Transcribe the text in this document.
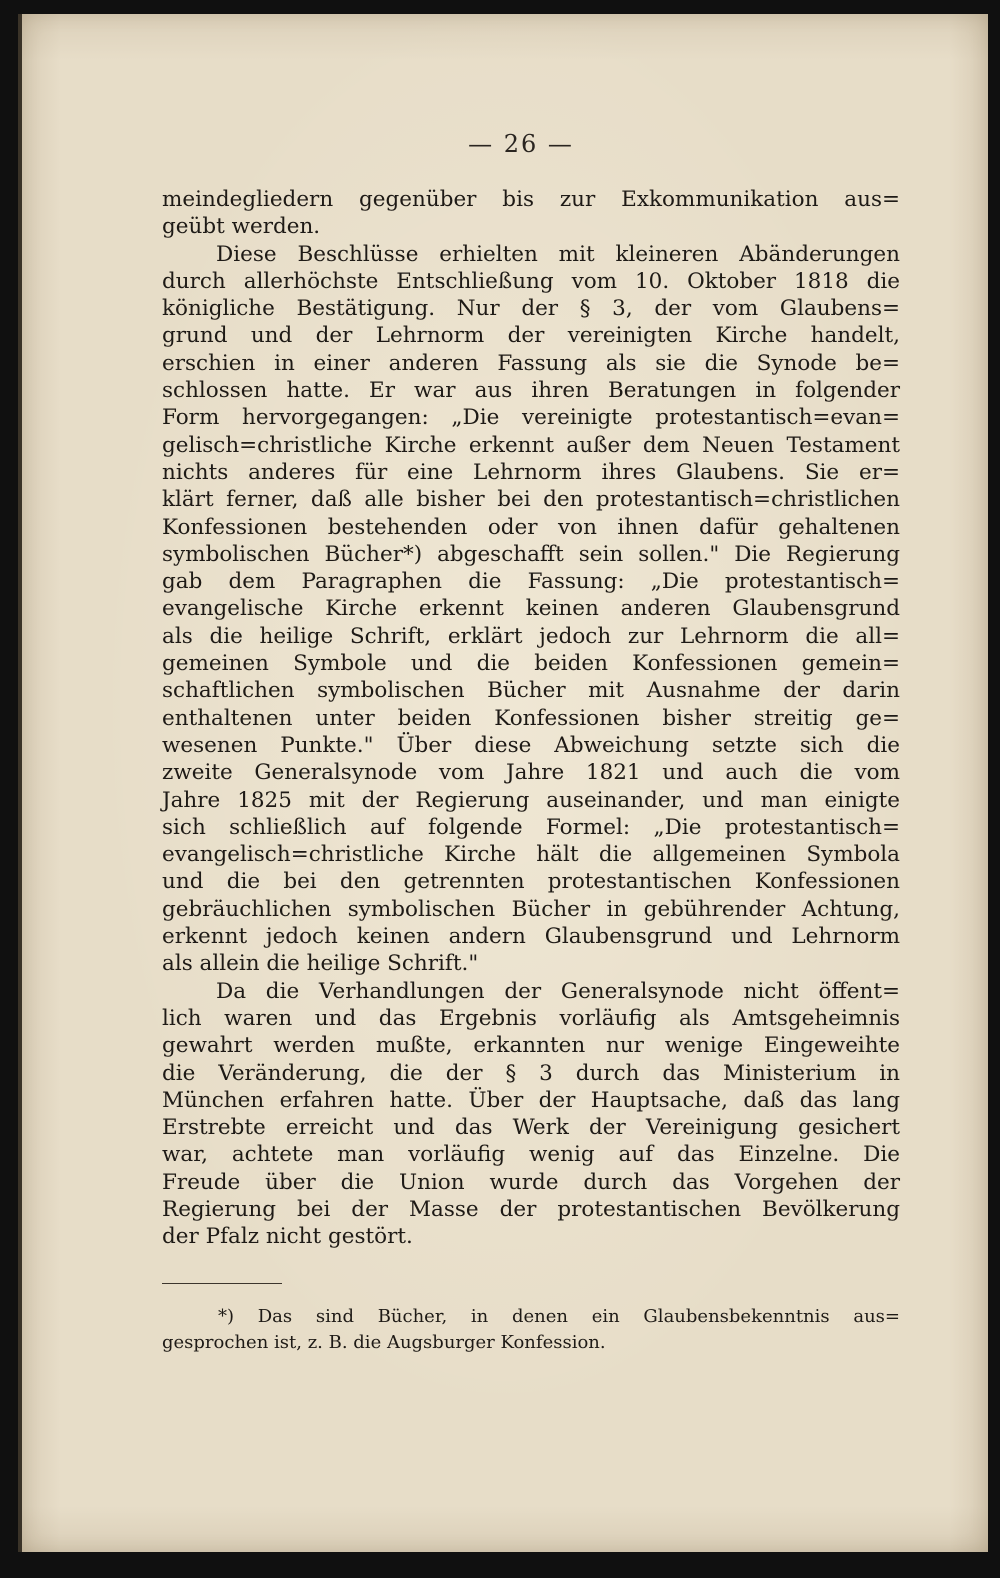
— 26 —
meindegliedern gegenüber bis zur Exkommunikation aus=
geübt werden.
Diese Beschlüsse erhielten mit kleineren Abänderungen
durch allerhöchste Entschließung vom 10. Oktober 1818 die
königliche Bestätigung. Nur der § 3, der vom Glaubens=
grund und der Lehrnorm der vereinigten Kirche handelt,
erschien in einer anderen Fassung als sie die Synode be=
schlossen hatte. Er war aus ihren Beratungen in folgender
Form hervorgegangen: „Die vereinigte protestantisch=evan=
gelisch=christliche Kirche erkennt außer dem Neuen Testament
nichts anderes für eine Lehrnorm ihres Glaubens. Sie er=
klärt ferner, daß alle bisher bei den protestantisch=christlichen
Konfessionen bestehenden oder von ihnen dafür gehaltenen
symbolischen Bücher*) abgeschafft sein sollen." Die Regierung
gab dem Paragraphen die Fassung: „Die protestantisch=
evangelische Kirche erkennt keinen anderen Glaubensgrund
als die heilige Schrift, erklärt jedoch zur Lehrnorm die all=
gemeinen Symbole und die beiden Konfessionen gemein=
schaftlichen symbolischen Bücher mit Ausnahme der darin
enthaltenen unter beiden Konfessionen bisher streitig ge=
wesenen Punkte." Über diese Abweichung setzte sich die
zweite Generalsynode vom Jahre 1821 und auch die vom
Jahre 1825 mit der Regierung auseinander, und man einigte
sich schließlich auf folgende Formel: „Die protestantisch=
evangelisch=christliche Kirche hält die allgemeinen Symbola
und die bei den getrennten protestantischen Konfessionen
gebräuchlichen symbolischen Bücher in gebührender Achtung,
erkennt jedoch keinen andern Glaubensgrund und Lehrnorm
als allein die heilige Schrift."
Da die Verhandlungen der Generalsynode nicht öffent=
lich waren und das Ergebnis vorläufig als Amtsgeheimnis
gewahrt werden mußte, erkannten nur wenige Eingeweihte
die Veränderung, die der § 3 durch das Ministerium in
München erfahren hatte. Über der Hauptsache, daß das lang
Erstrebte erreicht und das Werk der Vereinigung gesichert
war, achtete man vorläufig wenig auf das Einzelne. Die
Freude über die Union wurde durch das Vorgehen der
Regierung bei der Masse der protestantischen Bevölkerung
der Pfalz nicht gestört.
*) Das sind Bücher, in denen ein Glaubensbekenntnis aus=
gesprochen ist, z. B. die Augsburger Konfession.
